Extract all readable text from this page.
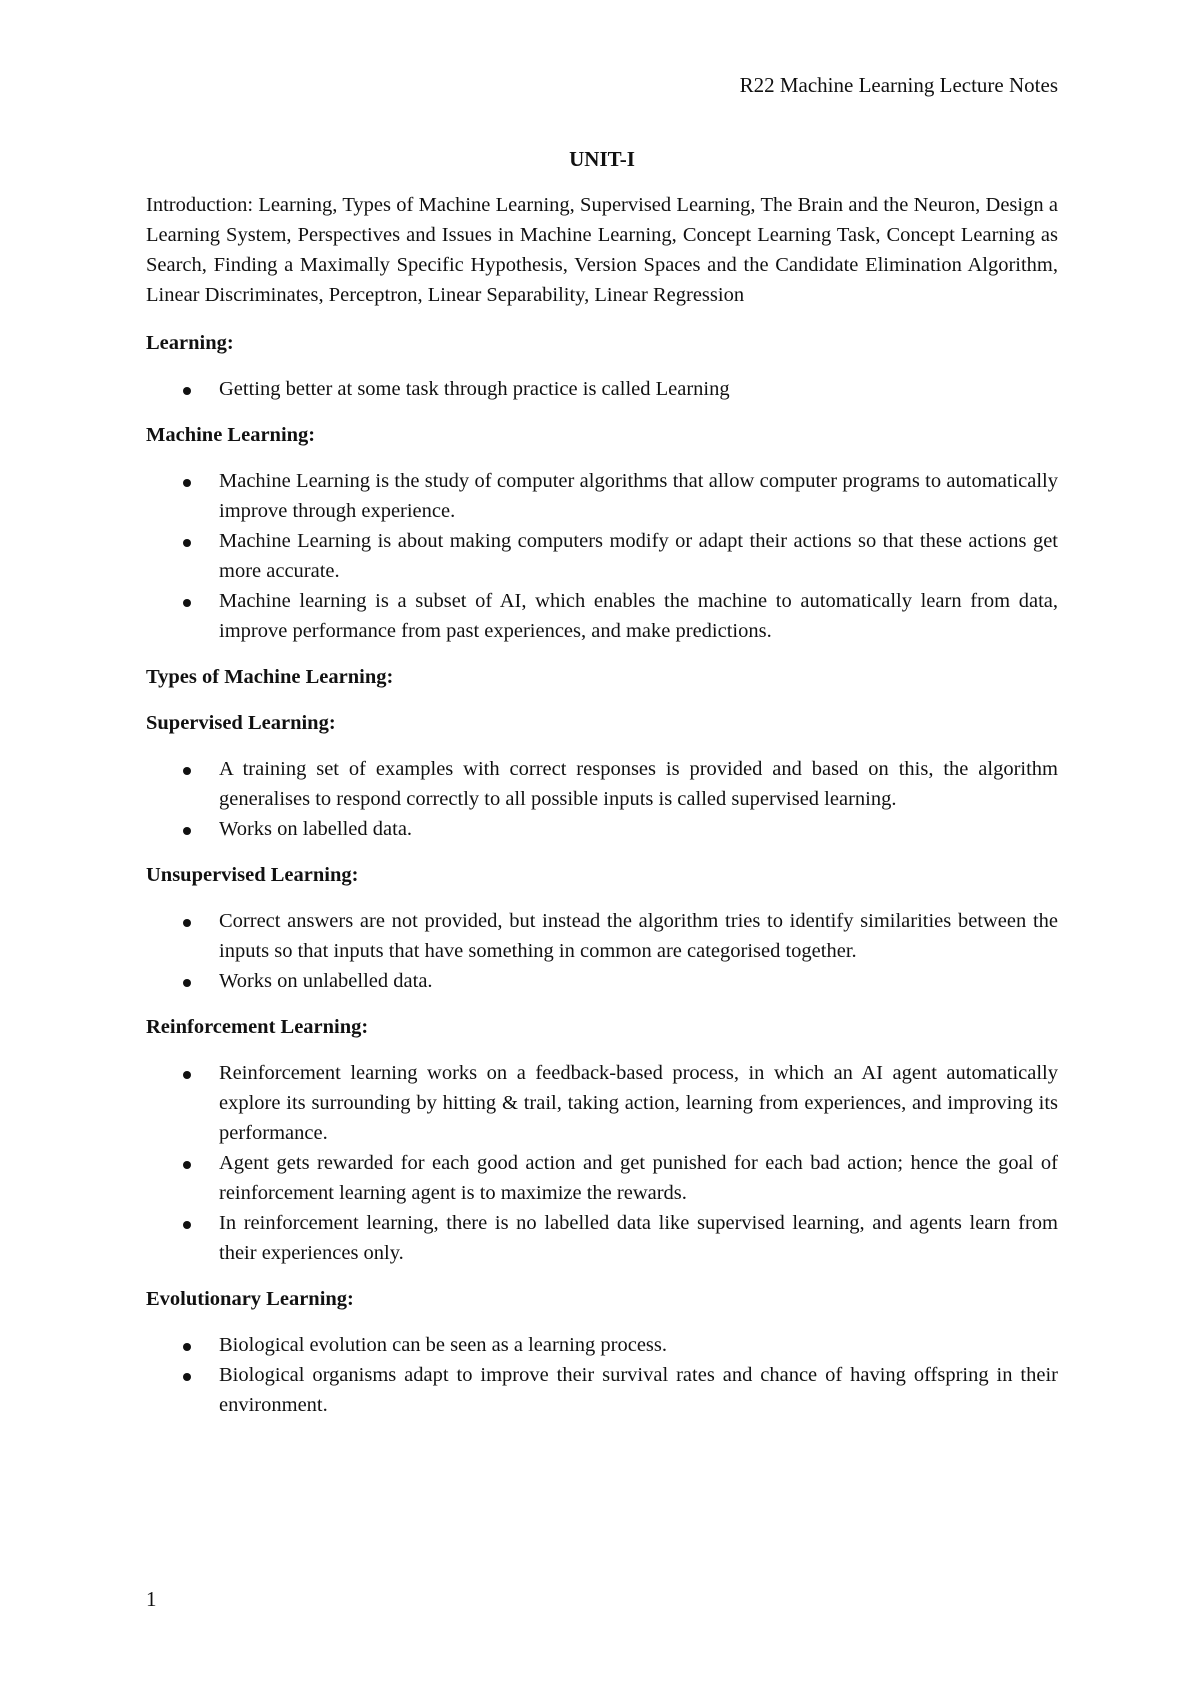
R22 Machine Learning Lecture Notes
UNIT-I

Introduction: Learning, Types of Machine Learning, Supervised Learning, The Brain and the Neuron, Design a Learning System, Perspectives and Issues in Machine Learning, Concept Learning Task, Concept Learning as Search, Finding a Maximally Specific Hypothesis, Version Spaces and the Candidate Elimination Algorithm, Linear Discriminates, Perceptron, Linear Separability, Linear Regression

Learning:
Getting better at some task through practice is called Learning
Machine Learning:
Machine Learning is the study of computer algorithms that allow computer programs to automatically improve through experience.
Machine Learning is about making computers modify or adapt their actions so that these actions get more accurate.
Machine learning is a subset of AI, which enables the machine to automatically learn from data, improve performance from past experiences, and make predictions.
Types of Machine Learning:
Supervised Learning:
A training set of examples with correct responses is provided and based on this, the algorithm generalises to respond correctly to all possible inputs is called supervised learning.
Works on labelled data.
Unsupervised Learning:
Correct answers are not provided, but instead the algorithm tries to identify similarities between the inputs so that inputs that have something in common are categorised together.
Works on unlabelled data.
Reinforcement Learning:
Reinforcement learning works on a feedback-based process, in which an AI agent automatically explore its surrounding by hitting & trail, taking action, learning from experiences, and improving its performance.
Agent gets rewarded for each good action and get punished for each bad action; hence the goal of reinforcement learning agent is to maximize the rewards.
In reinforcement learning, there is no labelled data like supervised learning, and agents learn from their experiences only.
Evolutionary Learning:
Biological evolution can be seen as a learning process.
Biological organisms adapt to improve their survival rates and chance of having offspring in their environment.
1
